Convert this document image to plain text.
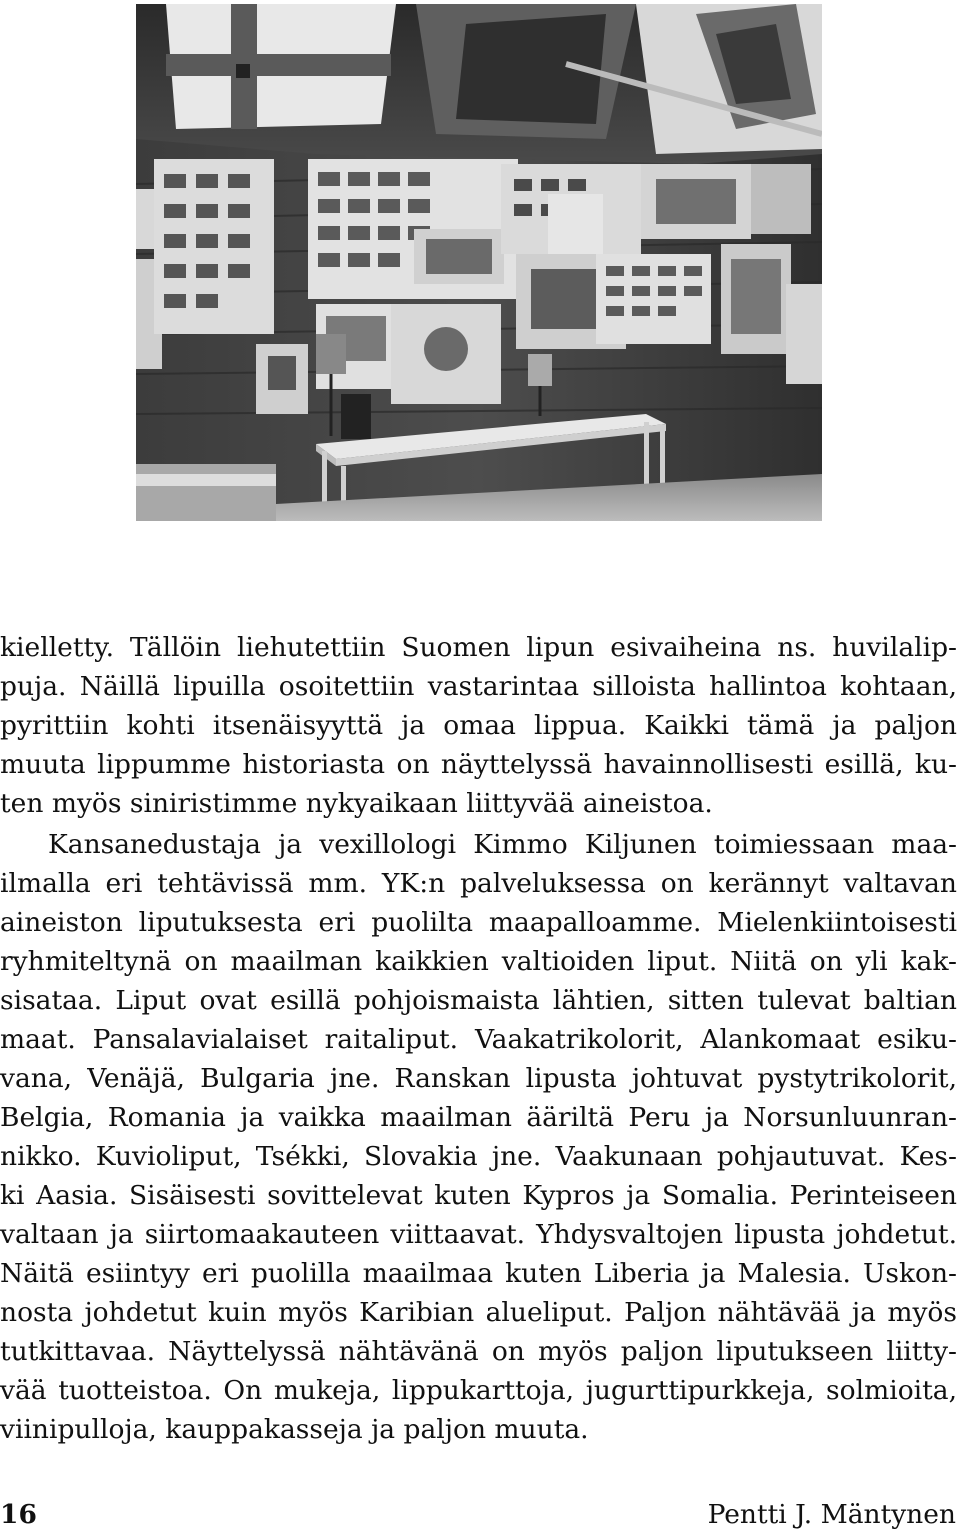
kielletty. Tällöin liehutettiin Suomen lipun esivaiheina ns. huvilalip-
puja. Näillä lipuilla osoitettiin vastarintaa silloista hallintoa kohtaan,
pyrittiin kohti itsenäisyyttä ja omaa lippua. Kaikki tämä ja paljon
muuta lippumme historiasta on näyttelyssä havainnollisesti esillä, ku-
ten myös siniristimme nykyaikaan liittyvää aineistoa.
Kansanedustaja ja vexillologi Kimmo Kiljunen toimiessaan maa-
ilmalla eri tehtävissä mm. YK:n palveluksessa on kerännyt valtavan
aineiston liputuksesta eri puolilta maapalloamme. Mielenkiintoisesti
ryhmiteltynä on maailman kaikkien valtioiden liput. Niitä on yli kak-
sisataa. Liput ovat esillä pohjoismaista lähtien, sitten tulevat baltian
maat. Pansalavialaiset raitaliput. Vaakatrikolorit, Alankomaat esiku-
vana, Venäjä, Bulgaria jne. Ranskan lipusta johtuvat pystytrikolorit,
Belgia, Romania ja vaikka maailman ääriltä Peru ja Norsunluunran-
nikko. Kuvioliput, Tsékki, Slovakia jne. Vaakunaan pohjautuvat. Kes-
ki Aasia. Sisäisesti sovittelevat kuten Kypros ja Somalia. Perinteiseen
valtaan ja siirtomaakauteen viittaavat. Yhdysvaltojen lipusta johdetut.
Näitä esiintyy eri puolilla maailmaa kuten Liberia ja Malesia. Uskon-
nosta johdetut kuin myös Karibian alueliput. Paljon nähtävää ja myös
tutkittavaa. Näyttelyssä nähtävänä on myös paljon liputukseen liitty-
vää tuotteistoa. On mukeja, lippukarttoja, jugurttipurkkeja, solmioita,
viinipulloja, kauppakasseja ja paljon muuta.
16	Pentti J. Mäntynen
